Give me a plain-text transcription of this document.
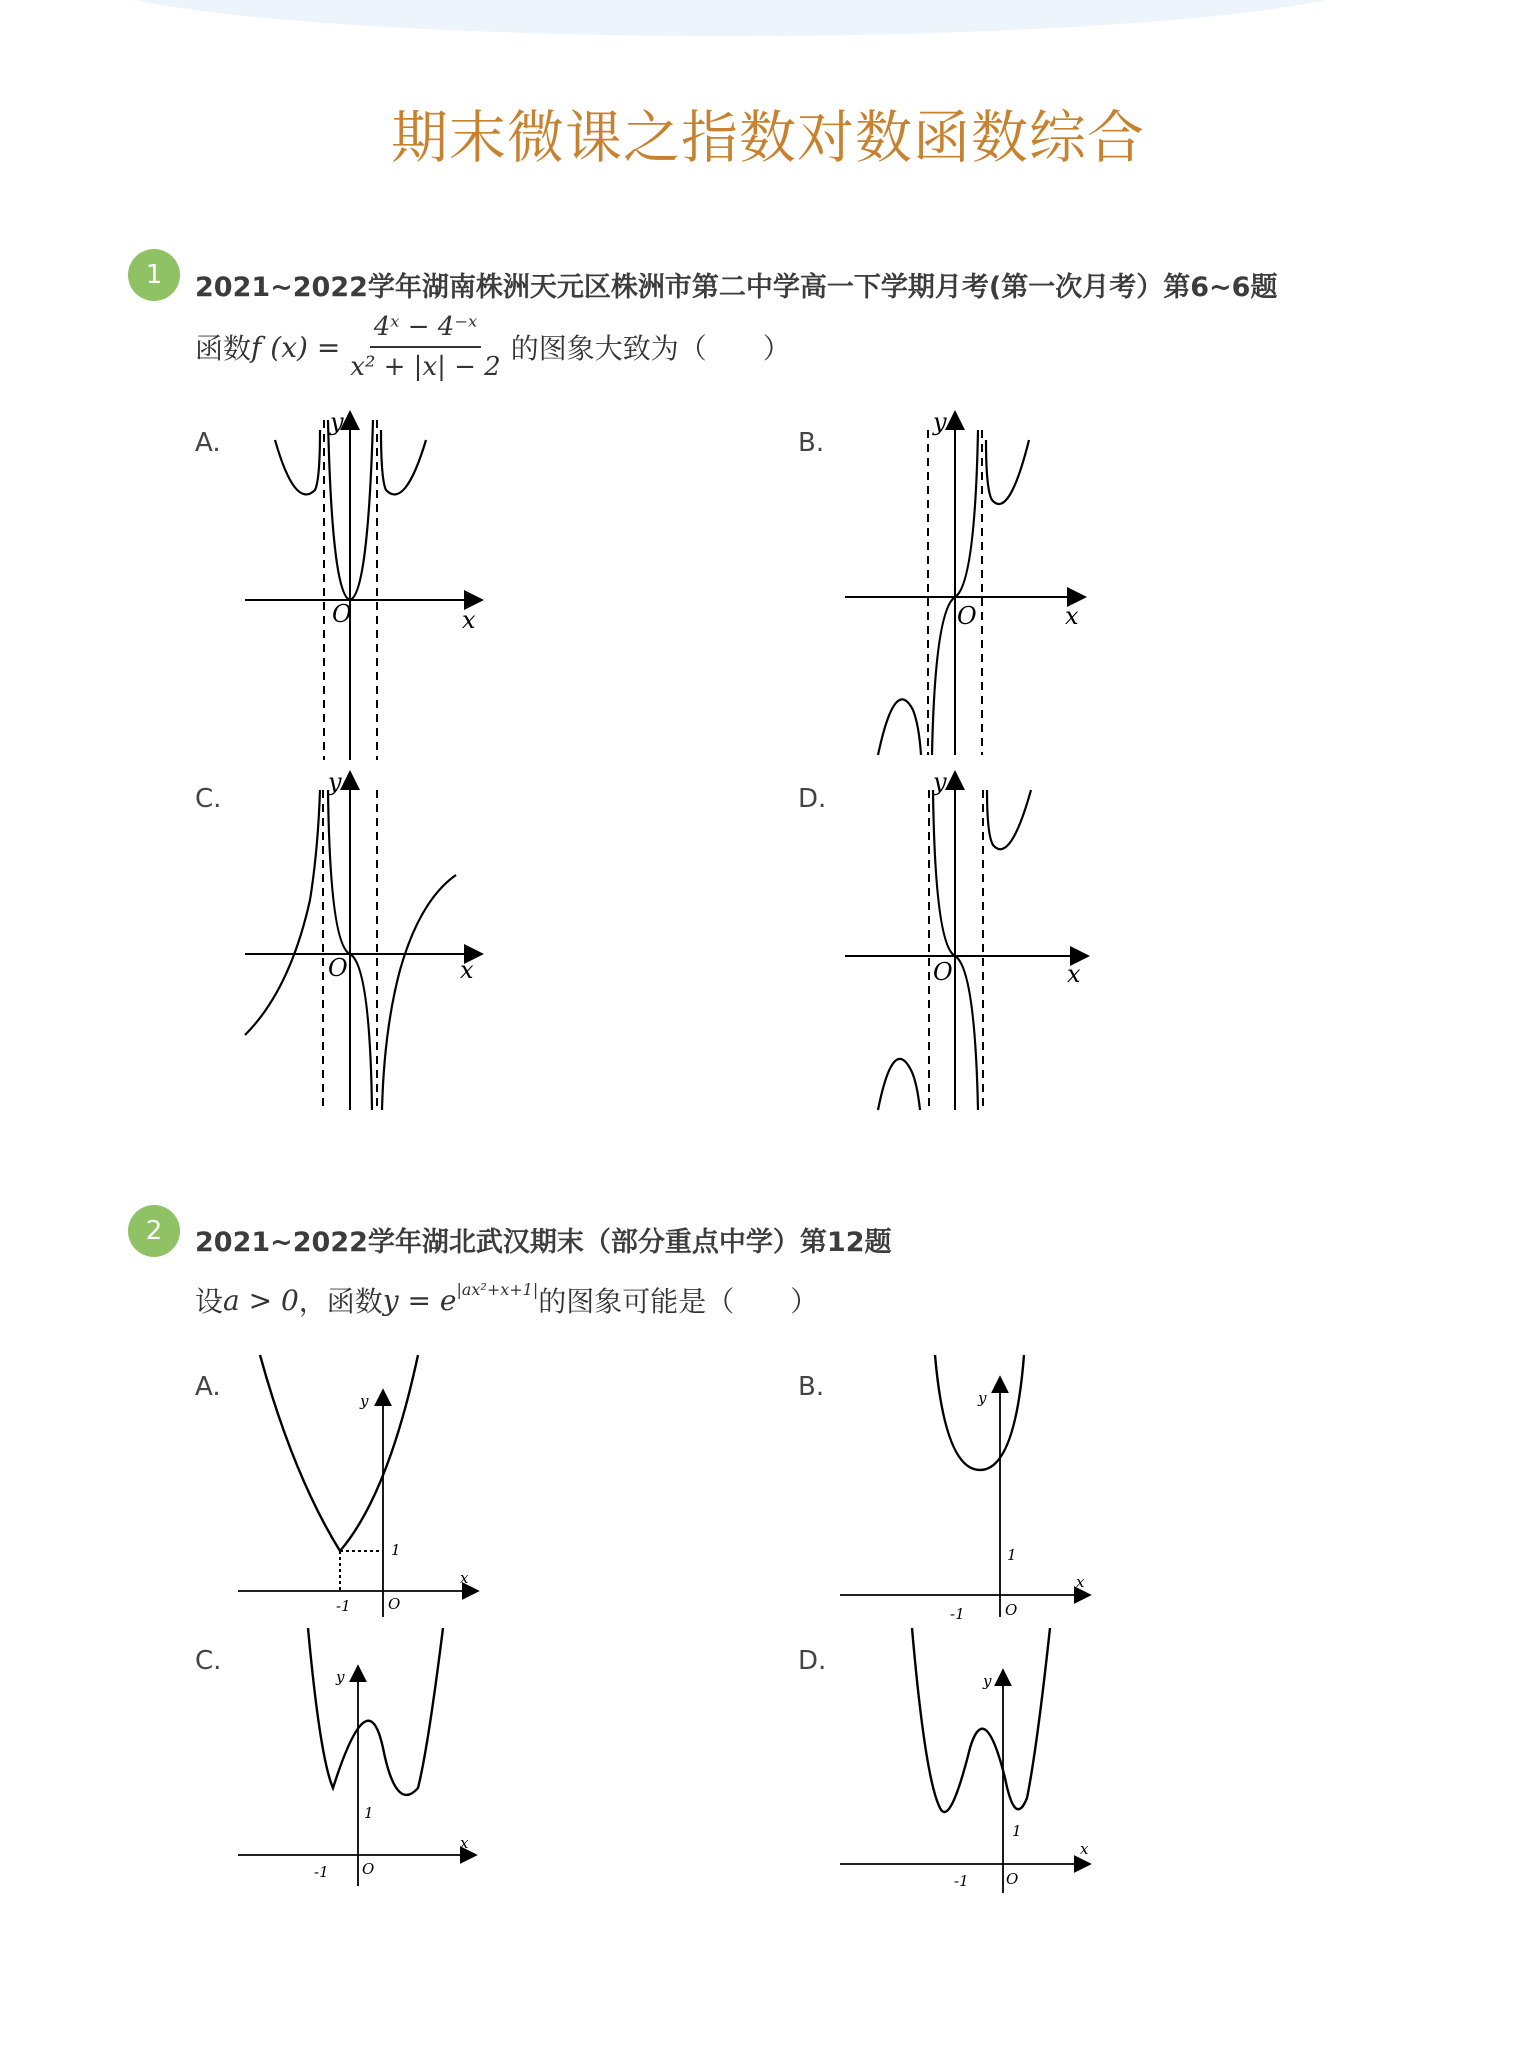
期末微课之指数对数函数综合
1	2021~2022学年湖南株洲天元区株洲市第二中学高一下学期月考(第一次月考）第6~6题
函数 f $(x) = \frac{\text{4ˣ − 4⁻ˣ}}{\text{x² + |x| − 2}}$ 的图象大致为（　　）
A.	B.
C.	D.
O	x
y
O	x
y
O	x
y
O	x
y
2	2021~2022学年湖北武汉期末（部分重点中学）第12题
设 a > 0 ，函数 $y = e^{|ax^2+x+1|}$ 的图象可能是（　　）
A.	B.
C.	D.
-1 O
1
x
y
-1	O
1
x
y
-1 O
1
x
y
-1 O
1
x
y
